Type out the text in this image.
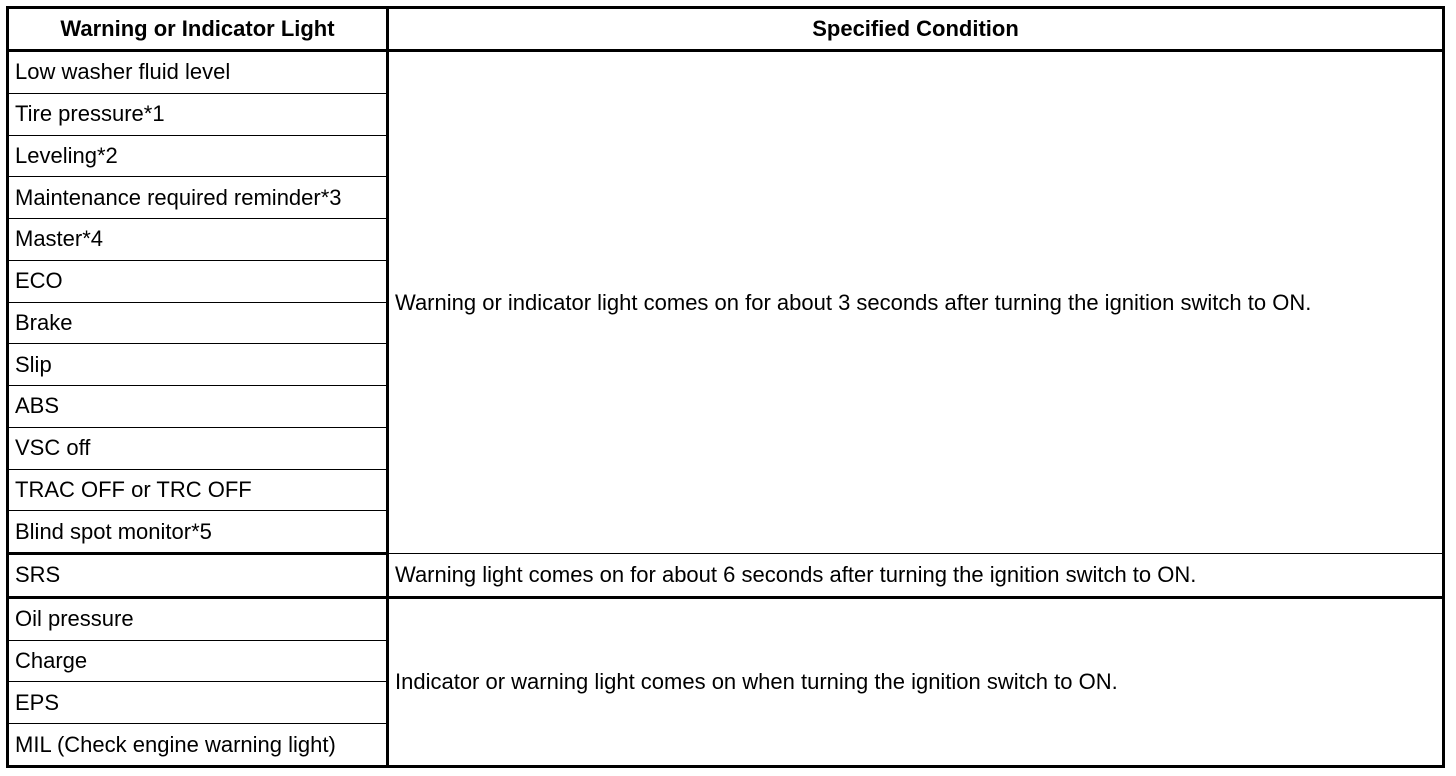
Warning or Indicator Light	Specified Condition
Low washer fluid level	Warning or indicator light comes on for about 3 seconds after turning the ignition switch to ON.
Tire pressure*1	
Leveling*2	
Maintenance required reminder*3	
Master*4	
ECO	
Brake	
Slip	
ABS	
VSC off	
TRAC OFF or TRC OFF	
Blind spot monitor*5	
SRS	Warning light comes on for about 6 seconds after turning the ignition switch to ON.
Oil pressure	Indicator or warning light comes on when turning the ignition switch to ON.
Charge	
EPS	
MIL (Check engine warning light)	
